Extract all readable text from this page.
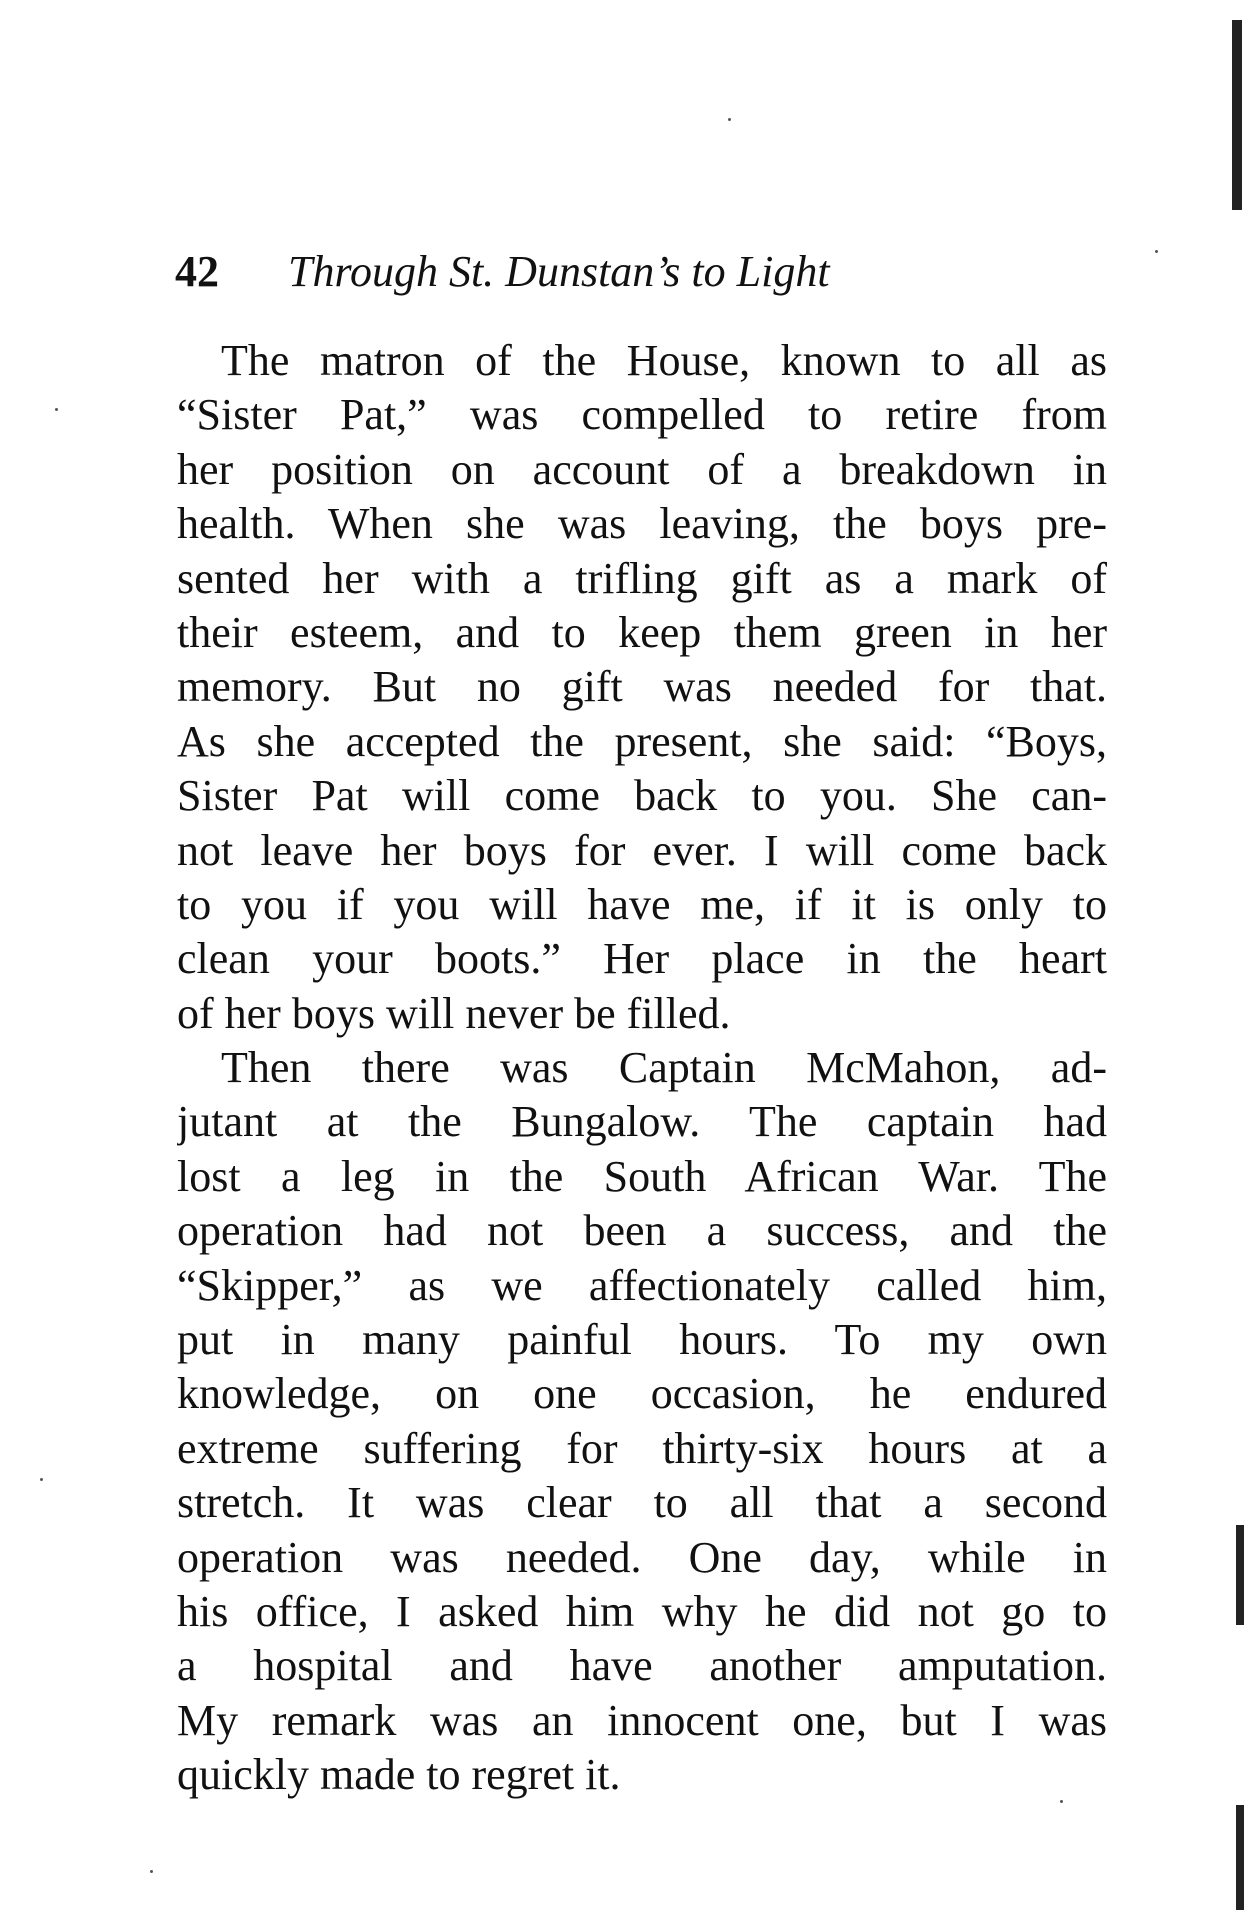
42 Through St. Dunstan’s to Light
The matron of the House, known to all as
“Sister Pat,” was compelled to retire from
her position on account of a breakdown in
health. When she was leaving, the boys pre-
sented her with a trifling gift as a mark of
their esteem, and to keep them green in her
memory. But no gift was needed for that.
As she accepted the present, she said: “Boys,
Sister Pat will come back to you. She can-
not leave her boys for ever. I will come back
to you if you will have me, if it is only to
clean your boots.” Her place in the heart
of her boys will never be filled.
Then there was Captain McMahon, ad-
jutant at the Bungalow. The captain had
lost a leg in the South African War. The
operation had not been a success, and the
“Skipper,” as we affectionately called him,
put in many painful hours. To my own
knowledge, on one occasion, he endured
extreme suffering for thirty-six hours at a
stretch. It was clear to all that a second
operation was needed. One day, while in
his office, I asked him why he did not go to
a hospital and have another amputation.
My remark was an innocent one, but I was
quickly made to regret it.
